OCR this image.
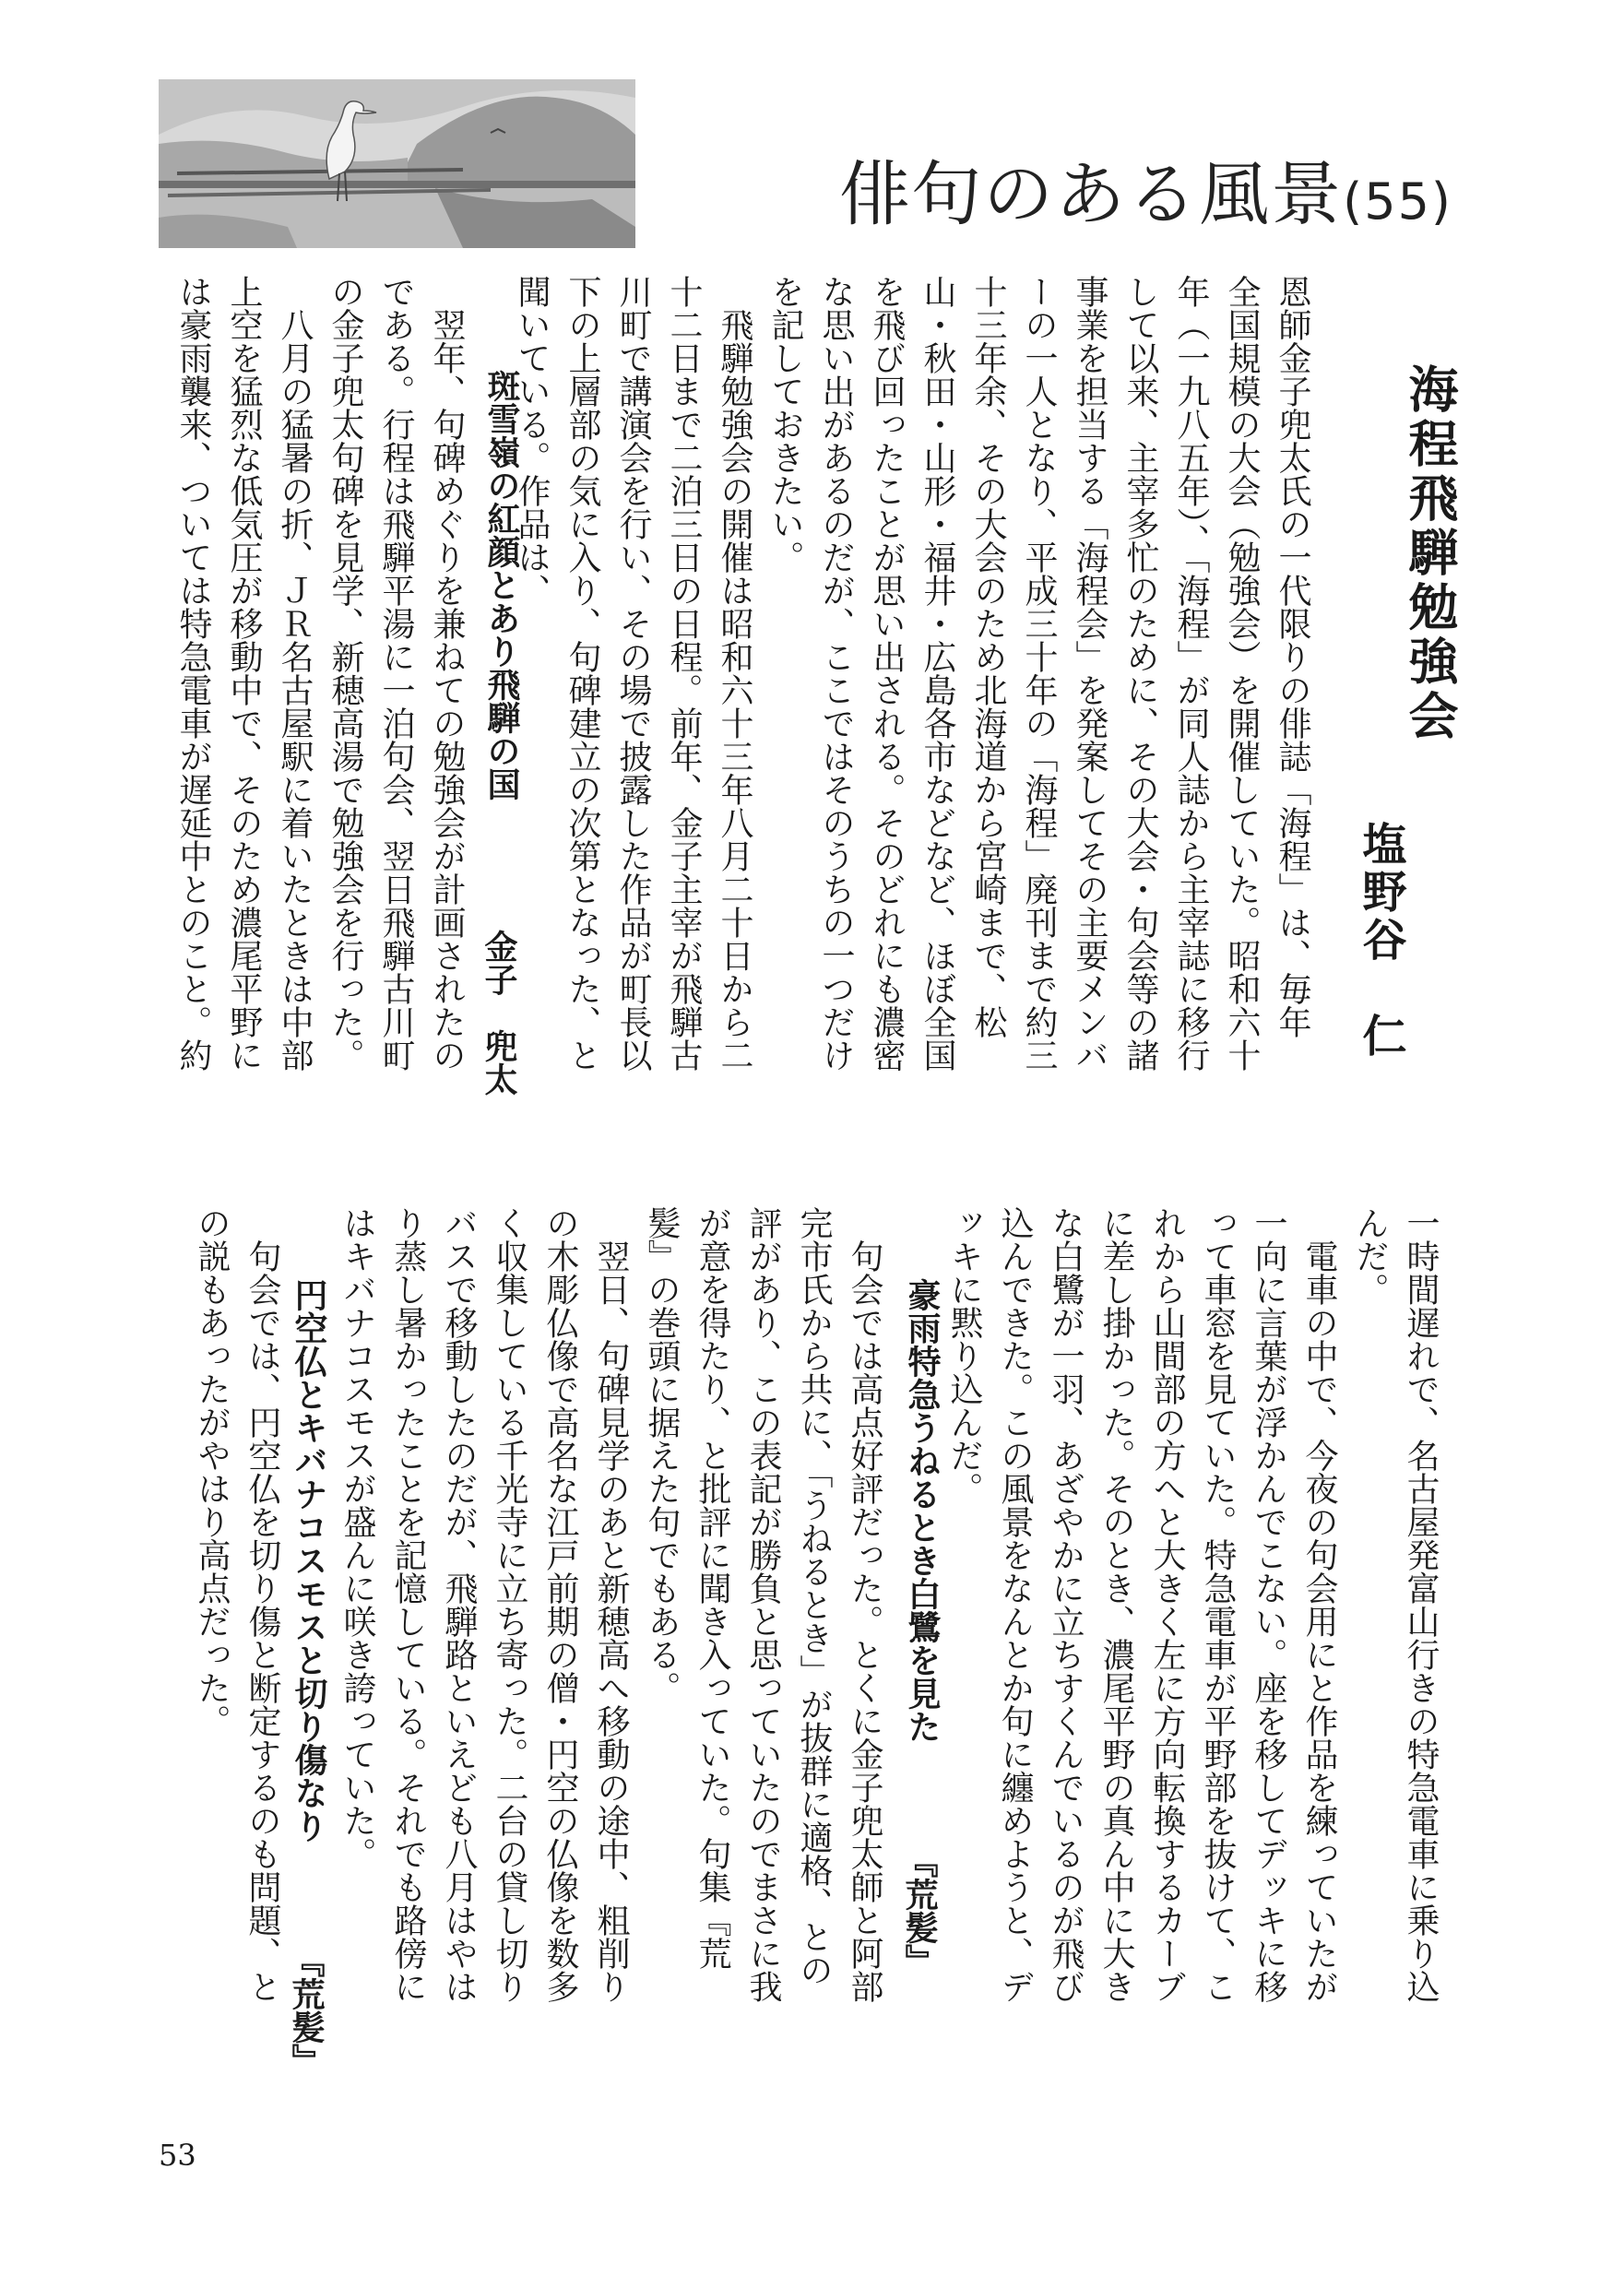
俳句のある風景(55)
海程飛騨勉強会
塩野谷　仁

恩師金子兜太氏の一代限りの俳誌「海程」は、毎年

全国規模の大会（勉強会）を開催していた。昭和六十

年（一九八五年）、「海程」が同人誌から主宰誌に移行

して以来、主宰多忙のために、その大会・句会等の諸

事業を担当する「海程会」を発案してその主要メンバ

ーの一人となり、平成三十年の「海程」廃刊まで約三

十三年余、その大会のため北海道から宮崎まで、松

山・秋田・山形・福井・広島各市などなど、ほぼ全国

を飛び回ったことが思い出される。そのどれにも濃密

な思い出があるのだが、ここではそのうちの一つだけ

を記しておきたい。

飛騨勉強会の開催は昭和六十三年八月二十日から二

十二日まで二泊三日の日程。前年、金子主宰が飛騨古

川町で講演会を行い、その場で披露した作品が町長以

下の上層部の気に入り、句碑建立の次第となった、と

聞いている。作品は、

斑雪嶺の紅顔とあり飛騨の国
金子　兜太

翌年、句碑めぐりを兼ねての勉強会が計画されたの

である。行程は飛騨平湯に一泊句会、翌日飛騨古川町

の金子兜太句碑を見学、新穂高湯で勉強会を行った。

八月の猛暑の折、ＪＲ名古屋駅に着いたときは中部

上空を猛烈な低気圧が移動中で、そのため濃尾平野に

は豪雨襲来、ついては特急電車が遅延中とのこと。約

一時間遅れで、名古屋発富山行きの特急電車に乗り込

んだ。

電車の中で、今夜の句会用にと作品を練っていたが

一向に言葉が浮かんでこない。座を移してデッキに移

って車窓を見ていた。特急電車が平野部を抜けて、こ

れから山間部の方へと大きく左に方向転換するカーブ

に差し掛かった。そのとき、濃尾平野の真ん中に大き

な白鷺が一羽、あざやかに立ちすくんでいるのが飛び

込んできた。この風景をなんとか句に纏めようと、デ

ッキに黙り込んだ。

豪雨特急うねるとき白鷺を見た
『荒髪』

句会では高点好評だった。とくに金子兜太師と阿部

完市氏から共に、「うねるとき」が抜群に適格、との

評があり、この表記が勝負と思っていたのでまさに我

が意を得たり、と批評に聞き入っていた。句集『荒

髪』の巻頭に据えた句でもある。

翌日、句碑見学のあと新穂高へ移動の途中、粗削り

の木彫仏像で高名な江戸前期の僧・円空の仏像を数多

く収集している千光寺に立ち寄った。二台の貸し切り

バスで移動したのだが、飛騨路といえども八月はやは

り蒸し暑かったことを記憶している。それでも路傍に

はキバナコスモスが盛んに咲き誇っていた。

円空仏とキバナコスモスと切り傷なり
『荒髪』

句会では、円空仏を切り傷と断定するのも問題、と

の説もあったがやはり高点だった。

53
